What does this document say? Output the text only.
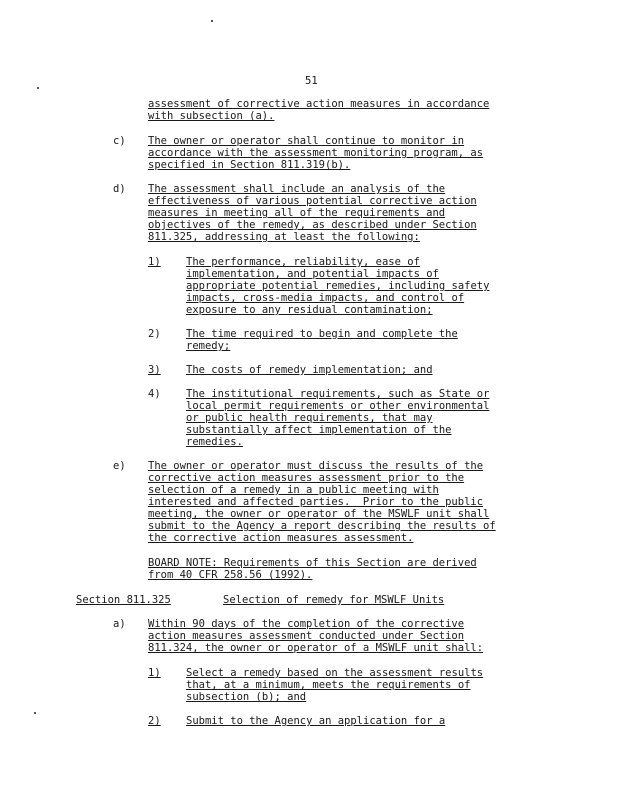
51
assessment of corrective action measures in accordance
with subsection (a).
c) The owner or operator shall continue to monitor in
accordance with the assessment monitoring program, as
specified in Section 811.319(b).
d) The assessment shall include an analysis of the
effectiveness of various potential corrective action
measures in meeting all of the requirements and
objectives of the remedy, as described under Section
811.325, addressing at least the following:
1) The performance, reliability, ease of
implementation, and potential impacts of
appropriate potential remedies, including safety
impacts, cross-media impacts, and control of
exposure to any residual contamination;
2) The time required to begin and complete the
remedy;
3) The costs of remedy implementation; and
4) The institutional requirements, such as State or
local permit requirements or other environmental
or public health requirements, that may
substantially affect implementation of the
remedies.
e) The owner or operator must discuss the results of the
corrective action measures assessment prior to the
selection of a remedy in a public meeting with
interested and affected parties.  Prior to the public
meeting, the owner or operator of the MSWLF unit shall
submit to the Agency a report describing the results of
the corrective action measures assessment.
BOARD NOTE: Requirements of this Section are derived
from 40 CFR 258.56 (1992).
Section 811.325	Selection of remedy for MSWLF Units
a) Within 90 days of the completion of the corrective
action measures assessment conducted under Section
811.324, the owner or operator of a MSWLF unit shall:
1) Select a remedy based on the assessment results
that, at a minimum, meets the requirements of
subsection (b); and
2) Submit to the Agency an application for a
